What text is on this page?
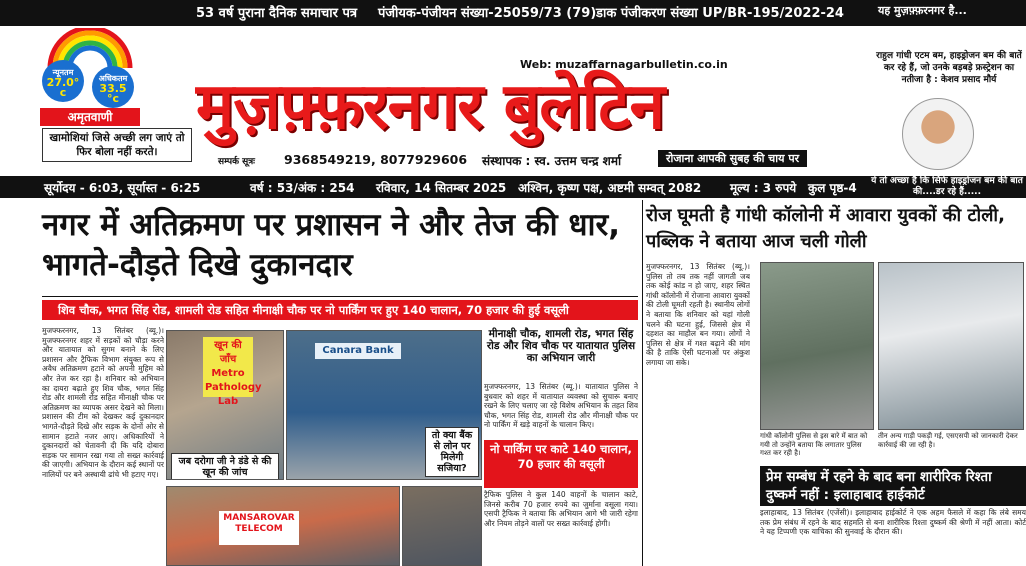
53 वर्ष पुराना दैनिक समाचार पत्र पंजीयक-पंजीयन संख्या-25059/73 (79) डाक पंजीकरण संख्या UP/BR-195/2022-24	यह मुज़फ़्फ़रनगर है...
न्यूनतम
27.0° c
अधिकतम
33.5 °c
Web: muzaffarnagarbulletin.co.in
मुज़फ़्फ़रनगर बुलेटिन
अमृतवाणी
खामोशियां जिसे अच्छी लग जाएं तो फिर बोला नहीं करते।
सम्पर्क सूत्रः 9368549219, 8077929606 संस्थापक : स्व. उत्तम चन्द्र शर्मा	रोजाना आपकी सुबह की चाय पर
सूर्योदय - 6:03, सूर्यास्त - 6:25	वर्ष : 53/अंक : 254 रविवार, 14 सितम्बर 2025 अश्विन, कृष्ण पक्ष, अष्टमी सम्वत् 2082 मूल्य : 3 रुपये कुल पृष्ठ-4
राहुल गांधी एटम बम, हाइड्रोजन बम की बातें कर रहे हैं, जो उनके बड़बड़े फ्रस्ट्रेशन का नतीजा है : केशव प्रसाद मौर्य
ये तो अच्छा है कि सिर्फ हाइड्रोजन बम की बात की....डर रहे हैं.....
नगर में अतिक्रमण पर प्रशासन ने और तेज की धार, भागते-दौड़ते दिखे दुकानदार
शिव चौक, भगत सिंह रोड, शामली रोड सहित मीनाक्षी चौक पर नो पार्किंग पर हुए 140 चालान, 70 हजार की हुई वसूली
रोज घूमती है गांधी कॉलोनी में आवारा युवकों की टोली, पब्लिक ने बताया आज चली गोली
मुजफ्फरनगर, 13 सितंबर (ब्यू.)। मुजफ्फरनगर शहर में सड़कों को चौड़ा करने और यातायात को सुगम बनाने के लिए प्रशासन और ट्रैफिक विभाग संयुक्त रूप से अवैध अतिक्रमण हटाने को अपनी मुहिम को और तेज कर रहा है। शनिवार को अभियान का दायरा बढ़ाते हुए शिव चौक, भगत सिंह रोड और शामली रोड सहित मीनाक्षी चौक पर अतिक्रमण का व्यापक असर देखने को मिला। प्रशासन की टीम को देखकर कई दुकानदार भागते-दौड़ते दिखे और सड़क के दोनों ओर से सामान हटाते नजर आए। अधिकारियों ने दुकानदारों को चेतावनी दी कि यदि दोबारा सड़क पर सामान रखा गया तो सख्त कार्रवाई की जाएगी। अभियान के दौरान कई स्थानों पर नालियों पर बने अस्थायी ढांचे भी हटाए गए।
खून की जाँच Metro Pathology Lab
जब दरोगा जी ने डंडे से की खून की जांच
Canara Bank
तो क्या बैंक से लोन पर मिलेगी सजिया?
MANSAROVAR TELECOM
मीनाक्षी चौक, शामली रोड, भगत सिंह रोड और शिव चौक पर यातायात पुलिस का अभियान जारी
मुजफ्फरनगर, 13 सितंबर (ब्यू.)। यातायात पुलिस ने बुधवार को शहर में यातायात व्यवस्था को सुचारू बनाए रखने के लिए चलाए जा रहे विशेष अभियान के तहत शिव चौक, भगत सिंह रोड, शामली रोड और मीनाक्षी चौक पर नो पार्किंग में खड़े वाहनों के चालान किए।
नो पार्किंग पर काटे 140 चालान, 70 हजार की वसूली
ट्रैफिक पुलिस ने कुल 140 वाहनों के चालान काटे, जिनसे करीब 70 हजार रुपये का जुर्माना वसूला गया। एसपी ट्रैफिक ने बताया कि अभियान आगे भी जारी रहेगा और नियम तोड़ने वालों पर सख्त कार्रवाई होगी।
मुजफ्फरनगर, 13 सितंबर (ब्यू.)। पुलिस तो तब तक नहीं जागती जब तक कोई कांड न हो जाए, शहर स्थित गांधी कॉलोनी में रोजाना आवारा युवकों की टोली घूमती रहती है। स्थानीय लोगों ने बताया कि शनिवार को यहां गोली चलने की घटना हुई, जिससे क्षेत्र में दहशत का माहौल बन गया। लोगों ने पुलिस से क्षेत्र में गश्त बढ़ाने की मांग की है ताकि ऐसी घटनाओं पर अंकुश लगाया जा सके।
गांधी कॉलोनी पुलिस से इस बारे में बात को गयी तो उन्होंने बताया कि लगातार पुलिस गश्त कर रही है।
तीन अन्य गाड़ी पकड़ी गई, एसएसपी को जानकारी देकर कार्रवाई की जा रही है।
प्रेम सम्बंध में रहने के बाद बना शारीरिक रिश्ता दुष्कर्म नहीं : इलाहाबाद हाईकोर्ट
इलाहाबाद, 13 सितंबर (एजेंसी)। इलाहाबाद हाईकोर्ट ने एक अहम फैसले में कहा कि लंबे समय तक प्रेम संबंध में रहने के बाद सहमति से बना शारीरिक रिश्ता दुष्कर्म की श्रेणी में नहीं आता। कोर्ट ने यह टिप्पणी एक याचिका की सुनवाई के दौरान की।
